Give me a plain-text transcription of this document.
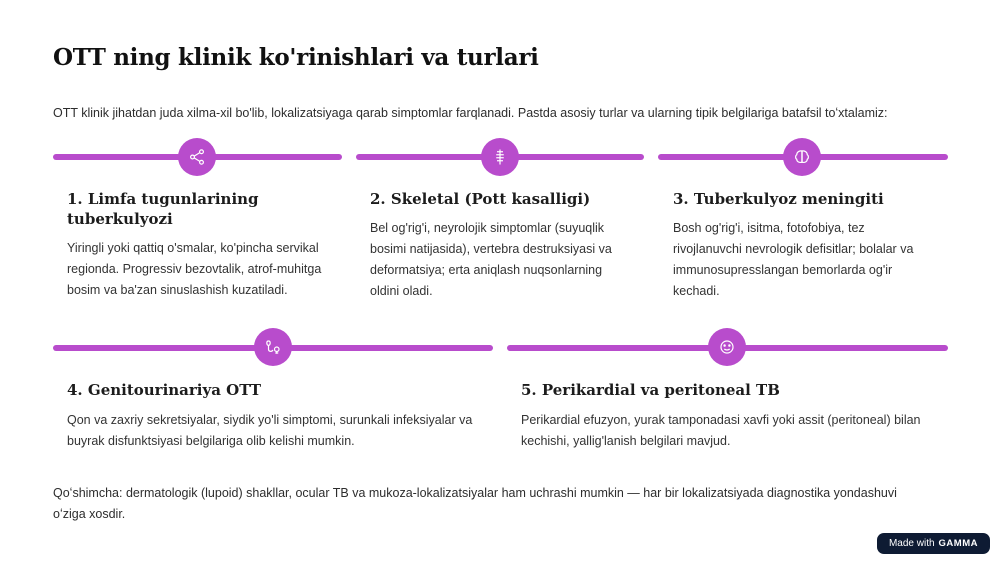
OTT ning klinik ko'rinishlari va turlari

OTT klinik jihatdan juda xilma-xil bo'lib, lokalizatsiyaga qarab simptomlar farqlanadi. Pastda asosiy turlar va ularning tipik belgilariga batafsil toʻxtalamiz:

1. Limfa tugunlarining tuberkulyozi

Yiringli yoki qattiq o'smalar, ko'pincha servikal regionda. Progressiv bezovtalik, atrof-muhitga bosim va ba'zan sinuslashish kuzatiladi.

2. Skeletal (Pott kasalligi)

Bel og'rig'i, neyrolojik simptomlar (suyuqlik bosimi natijasida), vertebra destruksiyasi va deformatsiya; erta aniqlash nuqsonlarning oldini oladi.

3. Tuberkulyoz meningiti

Bosh og'rig'i, isitma, fotofobiya, tez rivojlanuvchi nevrologik defisitlar; bolalar va immunosupresslangan bemorlarda og'ir kechadi.

4. Genitourinariya OTT

Qon va zaxriy sekretsiyalar, siydik yo'li simptomi, surunkali infeksiyalar va buyrak disfunktsiyasi belgilariga olib kelishi mumkin.

5. Perikardial va peritoneal TB

Perikardial efuzyon, yurak tamponadasi xavfi yoki assit (peritoneal) bilan kechishi, yallig'lanish belgilari mavjud.

Qoʻshimcha: dermatologik (lupoid) shakllar, ocular TB va mukoza-lokalizatsiyalar ham uchrashi mumkin — har bir lokalizatsiyada diagnostika yondashuvi oʻziga xosdir.

Made with GAMMA
